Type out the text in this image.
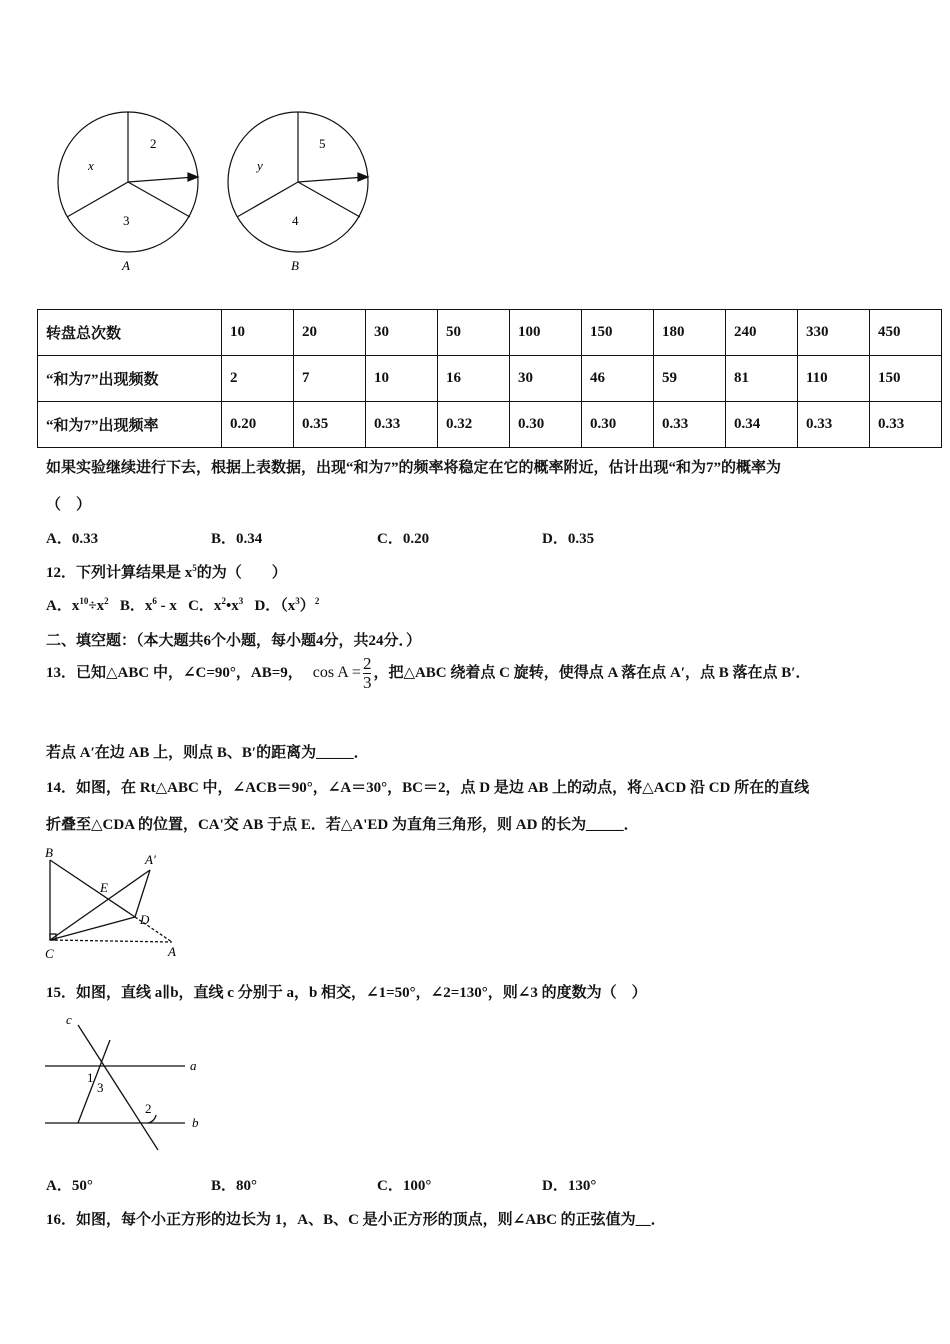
x
2
3
A
y
5
4
B
转盘总次数	10	20	30	50	100	150	180	240	330	450
“和为7”出现频数	2	7	10	16	30	46	59	81	110	150
“和为7”出现频率	0.20	0.35	0.33	0.32	0.30	0.30	0.33	0.34	0.33	0.33
如果实验继续进行下去，根据上表数据，出现“和为7”的频率将稳定在它的概率附近，估计出现“和为7”的概率为
（　）
A．0.33	B．0.34	C．0.20	D．0.35
12．下列计算结果是 $x^5$的为（　　）
A．$x^{10}\div x^2$ B．$x^6$ - x C．$x^2•x^3$ D．$(x^3)^2$
二、填空题：（本大题共6个小题，每小题4分，共24分．）
13．已知△ABC 中，∠C=90°，AB=9， $\cos A = \frac{2}{3}$ ，把△ABC 绕着点 C 旋转，使得点 A 落在点 A′，点 B 落在点 B′．
若点 A′在边 AB 上，则点 B、B′的距离为_____．
14．如图，在 Rt△ABC 中，∠ACB＝90°，∠A＝30°，BC＝2，点 D 是边 AB 上的动点，将△ACD 沿 CD 所在的直线
折叠至△CDA 的位置，CA'交 AB 于点 E．若△A'ED 为直角三角形，则 AD 的长为_____．
B	A′
E
D
C	A
15．如图，直线 a∥b，直线 c 分别于 a，b 相交，∠1=50°，∠2=130°，则∠3 的度数为（　）
c
a
b
1
3
2
A．50°	B．80°	C．100°	D．130°
16．如图，每个小正方形的边长为 1，A、B、C 是小正方形的顶点，则∠ABC 的正弦值为__．
